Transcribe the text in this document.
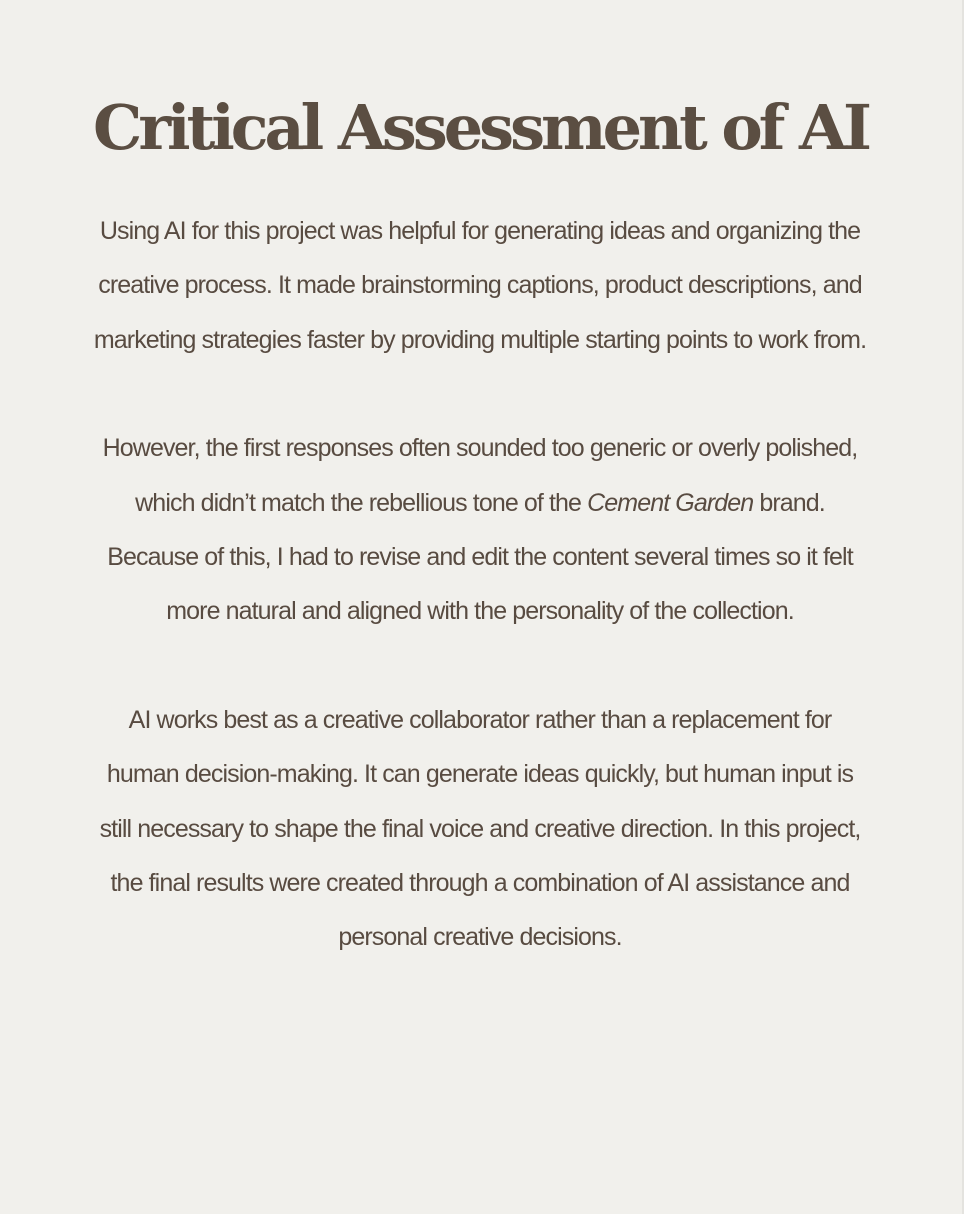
Critical Assessment of AI

Using AI for this project was helpful for generating ideas and organizing the creative process. It made brainstorming captions, product descriptions, and marketing strategies faster by providing multiple starting points to work from.

However, the first responses often sounded too generic or overly polished, which didn’t match the rebellious tone of the Cement Garden brand. Because of this, I had to revise and edit the content several times so it felt more natural and aligned with the personality of the collection.

AI works best as a creative collaborator rather than a replacement for human decision-making. It can generate ideas quickly, but human input is still necessary to shape the final voice and creative direction. In this project, the final results were created through a combination of AI assistance and personal creative decisions.
